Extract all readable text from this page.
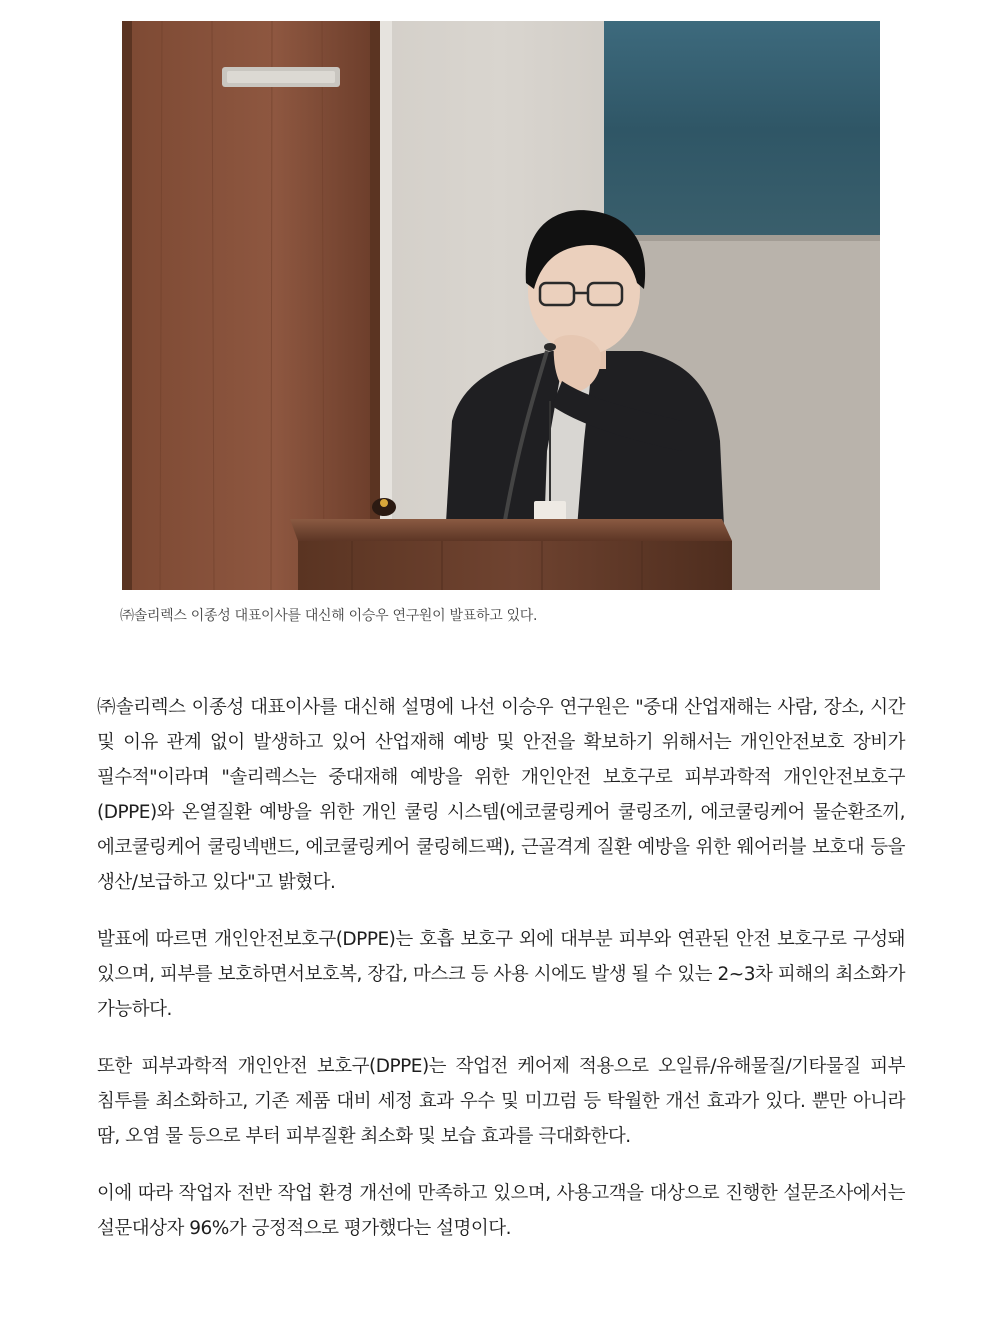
㈜솔리렉스 이종성 대표이사를 대신해 이승우 연구원이 발표하고 있다.

㈜솔리렉스 이종성 대표이사를 대신해 설명에 나선 이승우 연구원은 "중대 산업재해는 사람, 장소, 시간 및 이유 관계 없이 발생하고 있어 산업재해 예방 및 안전을 확보하기 위해서는 개인안전보호 장비가 필수적"이라며 "솔리렉스는 중대재해 예방을 위한 개인안전 보호구로 피부과학적 개인안전보호구(DPPE)와 온열질환 예방을 위한 개인 쿨링 시스템(에코쿨링케어 쿨링조끼, 에코쿨링케어 물순환조끼, 에코쿨링케어 쿨링넥밴드, 에코쿨링케어 쿨링헤드팩), 근골격계 질환 예방을 위한 웨어러블 보호대 등을 생산/보급하고 있다"고 밝혔다.

발표에 따르면 개인안전보호구(DPPE)는 호흡 보호구 외에 대부분 피부와 연관된 안전 보호구로 구성돼 있으며, 피부를 보호하면서보호복, 장갑, 마스크 등 사용 시에도 발생 될 수 있는 2~3차 피해의 최소화가 가능하다.

또한 피부과학적 개인안전 보호구(DPPE)는 작업전 케어제 적용으로 오일류/유해물질/기타물질 피부 침투를 최소화하고, 기존 제품 대비 세정 효과 우수 및 미끄럼 등 탁월한 개선 효과가 있다. 뿐만 아니라 땀, 오염 물 등으로 부터 피부질환 최소화 및 보습 효과를 극대화한다.

이에 따라 작업자 전반 작업 환경 개선에 만족하고 있으며, 사용고객을 대상으로 진행한 설문조사에서는 설문대상자 96%가 긍정적으로 평가했다는 설명이다.
